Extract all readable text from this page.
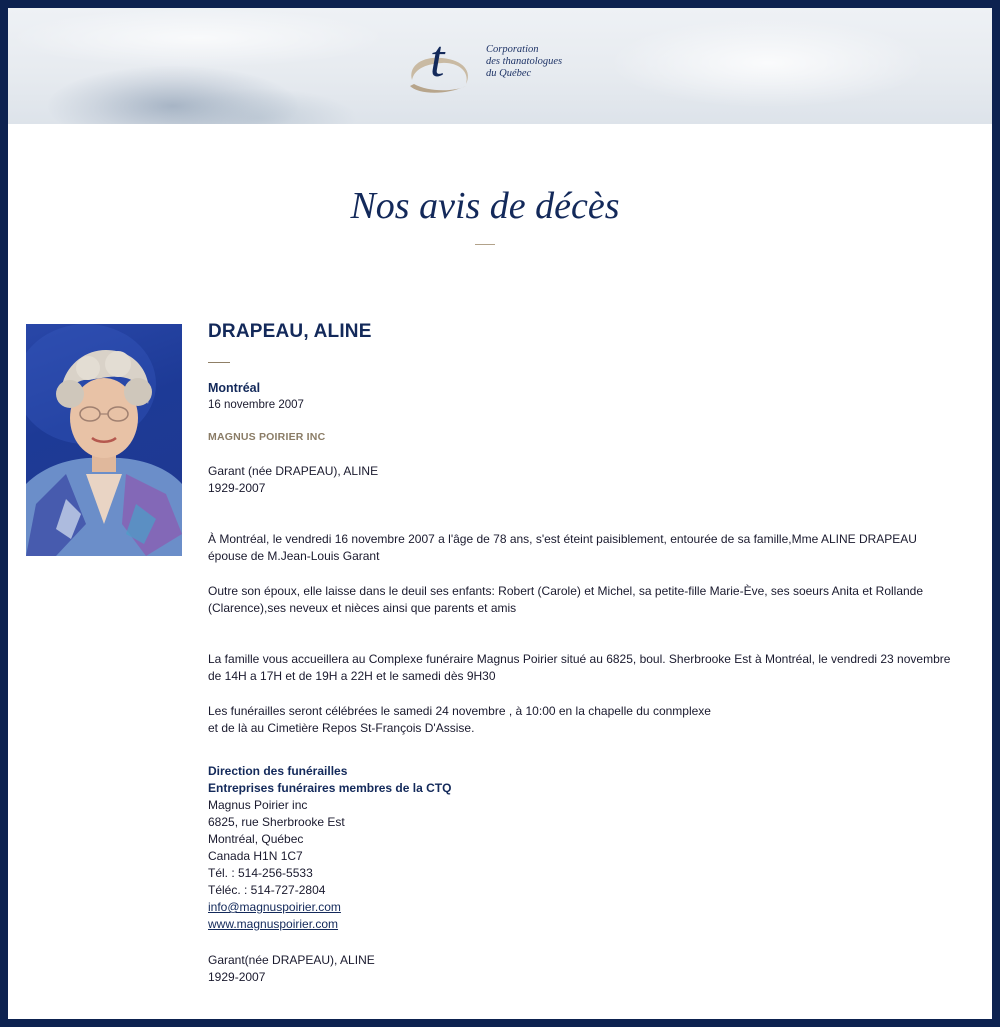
t	Corporation
des thanatologues
du Québec
Nos avis de décès
DRAPEAU, ALINE
Montréal
16 novembre 2007
MAGNUS POIRIER INC
Garant (née DRAPEAU), ALINE
1929-2007
À Montréal, le vendredi 16 novembre 2007 a l'âge de 78 ans, s'est éteint paisiblement, entourée de sa famille,Mme ALINE DRAPEAU
épouse de M.Jean-Louis Garant
Outre son époux, elle laisse dans le deuil ses enfants: Robert (Carole) et Michel, sa petite-fille Marie-Ève, ses soeurs Anita et Rollande
(Clarence),ses neveux et nièces ainsi que parents et amis
La famille vous accueillera au Complexe funéraire Magnus Poirier situé au 6825, boul. Sherbrooke Est à Montréal, le vendredi 23 novembre
de 14H a 17H et de 19H a 22H et le samedi dès 9H30
Les funérailles seront célébrées le samedi 24 novembre , à 10:00 en la chapelle du conmplexe
et de là au Cimetière Repos St-François D'Assise.
Direction des funérailles
Entreprises funéraires membres de la CTQ
Magnus Poirier inc
6825, rue Sherbrooke Est
Montréal, Québec
Canada H1N 1C7
Tél. : 514-256-5533
Téléc. : 514-727-2804
info@magnuspoirier.com
www.magnuspoirier.com
Garant(née DRAPEAU), ALINE
1929-2007
